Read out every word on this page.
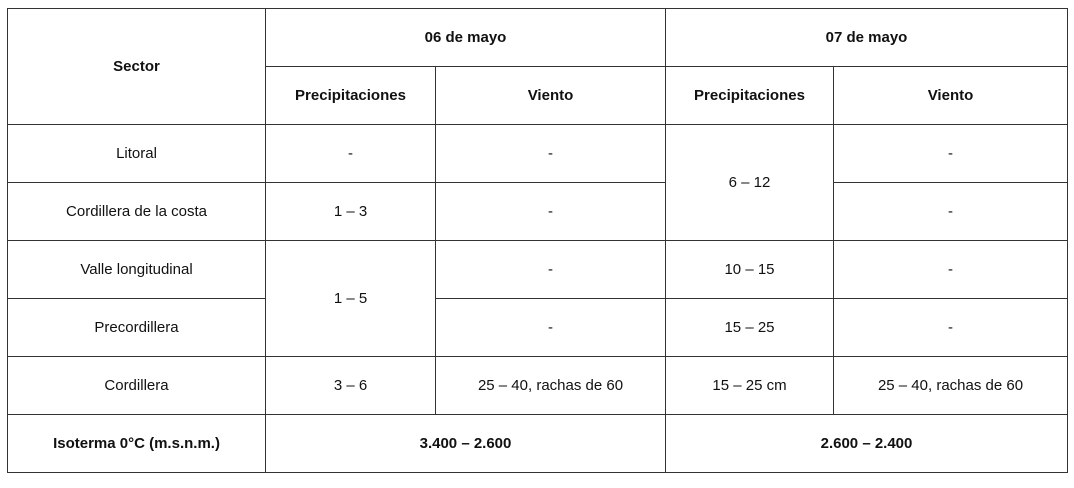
Sector	06 de mayo		07 de mayo	
	Precipitaciones	Viento	Precipitaciones	Viento
Litoral	-	-	6 – 12	-
Cordillera de la costa	1 – 3	-		-
Valle longitudinal	1 – 5	-	10 – 15	-
Precordillera		-	15 – 25	-
Cordillera	3 – 6	25 – 40, rachas de 60	15 – 25 cm	25 – 40, rachas de 60
Isoterma 0°C (m.s.n.m.)	3.400 – 2.600		2.600 – 2.400	
